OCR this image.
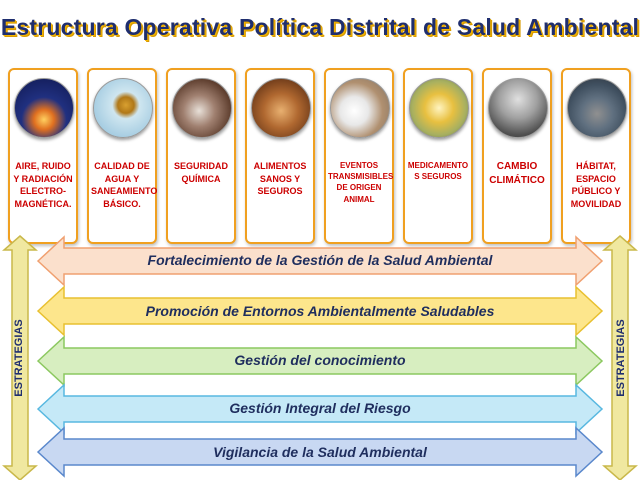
Estructura Operativa Política Distrital de Salud Ambiental
AIRE, RUIDO Y RADIACIÓN ELECTRO-MAGNÉTICA.
CALIDAD DE AGUA Y SANEAMIENTO BÁSICO.
SEGURIDAD QUÍMICA
ALIMENTOS SANOS Y SEGUROS
EVENTOS TRANSMISIBLES DE ORIGEN ANIMAL
MEDICAMENTO S SEGUROS
CAMBIO CLIMÁTICO
HÁBITAT, ESPACIO PÚBLICO Y MOVILIDAD
Fortalecimiento de la Gestión de la Salud Ambiental
Promoción de Entornos Ambientalmente Saludables
Gestión del conocimiento
Gestión Integral del Riesgo
Vigilancia de la Salud Ambiental
ESTRATEGIAS	ESTRATEGIAS
